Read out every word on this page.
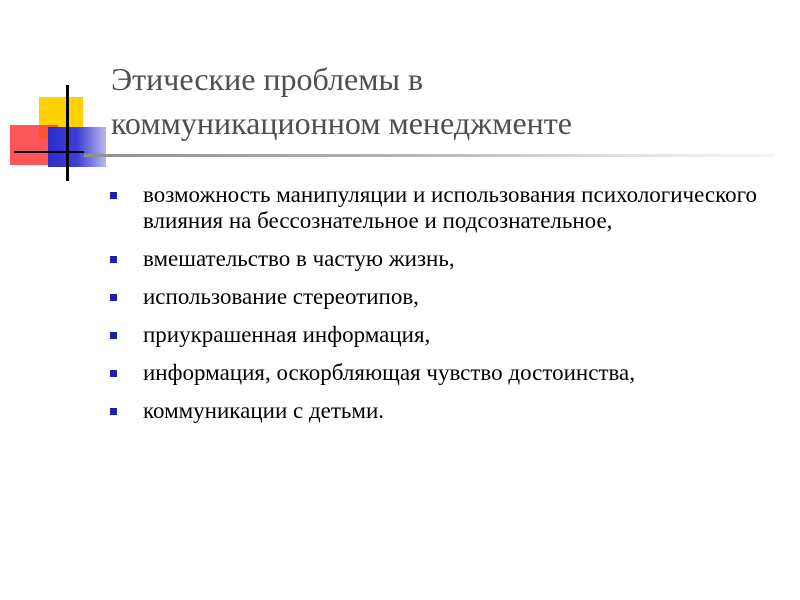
Этические проблемы в
коммуникационном менеджменте
возможность манипуляции и использования психологического влияния на бессознательное и подсознательное,
вмешательство в частую жизнь,
использование стереотипов,
приукрашенная информация,
информация, оскорбляющая чувство достоинства,
коммуникации с детьми.
